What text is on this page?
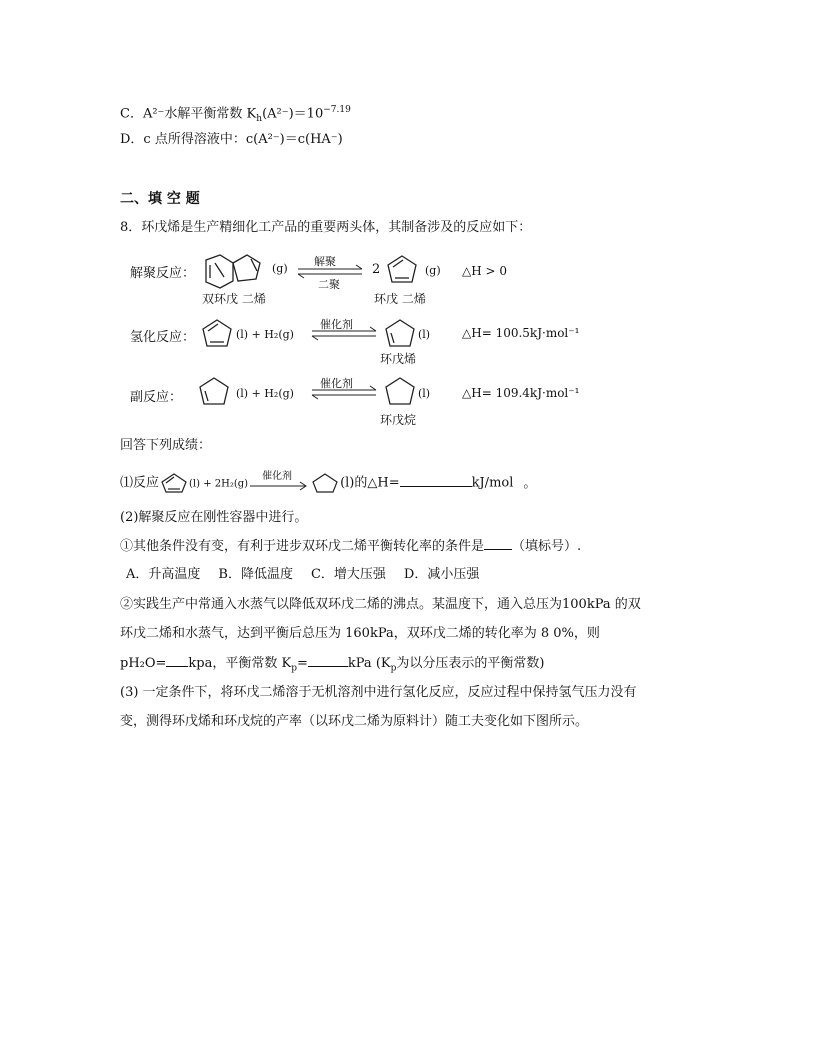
C．A²⁻水解平衡常数 $K_h(A^{2-})=10^{-7.19}$
D．c 点所得溶液中：c(A²⁻)＝c(HA⁻)
二、填 空 题
8．环戊烯是生产精细化工产品的重要两头体，其制备涉及的反应如下：
解聚反应：	(g)
解聚
二聚
2	(g) △H > 0
双环戊 二烯	环戊 二烯
氢化反应：	(l) + H₂(g)
催化剂
(l)	△H= 100.5kJ·mol⁻¹
环戊烯
副反应：	(l) + H₂(g)
催化剂
(l)	△H= 109.4kJ·mol⁻¹
环戊烷
回答下列成绩：
⑴反应	(l) + 2H₂(g)
催化剂	(l)的△H=	kJ/mol 。
(2)解聚反应在刚性容器中进行。
①其他条件没有变，有利于进步双环戊二烯平衡转化率的条件是 （填标号）.
A．升高温度 B．降低温度 C．增大压强 D．减小压强
②实践生产中常通入水蒸气以降低双环戊二烯的沸点。某温度下，通入总压为100kPa 的双
环戊二烯和水蒸气，达到平衡后总压为 160kPa，双环戊二烯的转化率为 8 0%，则
pH₂O= kpa，平衡常数 $K_p=$	kPa ($K_p$为以分压表示的平衡常数)
(3) 一定条件下，将环戊二烯溶于无机溶剂中进行氢化反应，反应过程中保持氢气压力没有
变，测得环戊烯和环戊烷的产率（以环戊二烯为原料计）随工夫变化如下图所示。
